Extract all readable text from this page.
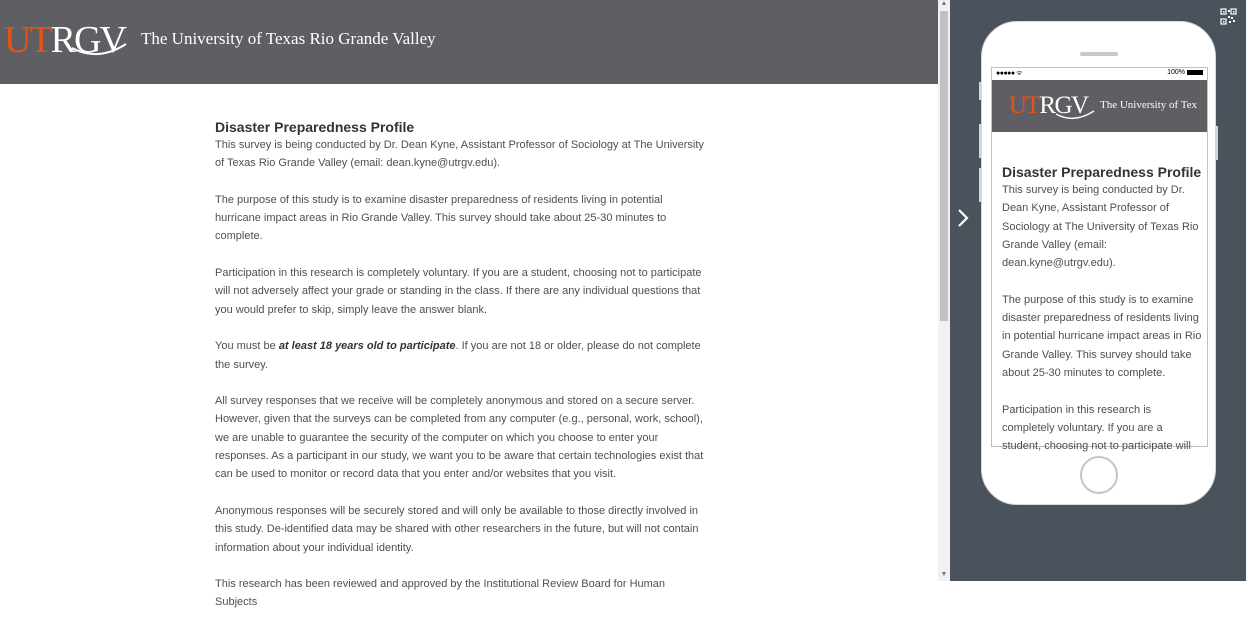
UTRGV The University of Texas Rio Grande Valley
Disaster Preparedness Profile

This survey is being conducted by Dr. Dean Kyne, Assistant Professor of Sociology at The University of Texas Rio Grande Valley (email: dean.kyne@utrgv.edu).

The purpose of this study is to examine disaster preparedness of residents living in potential hurricane impact areas in Rio Grande Valley. This survey should take about 25-30 minutes to complete.

Participation in this research is completely voluntary. If you are a student, choosing not to participate will not adversely affect your grade or standing in the class. If there are any individual questions that you would prefer to skip, simply leave the answer blank.

You must be at least 18 years old to participate. If you are not 18 or older, please do not complete the survey.

All survey responses that we receive will be completely anonymous and stored on a secure server. However, given that the surveys can be completed from any computer (e.g., personal, work, school), we are unable to guarantee the security of the computer on which you choose to enter your responses. As a participant in our study, we want you to be aware that certain technologies exist that can be used to monitor or record data that you enter and/or websites that you visit.

Anonymous responses will be securely stored and will only be available to those directly involved in this study. De-identified data may be shared with other researchers in the future, but will not contain information about your individual identity.

This research has been reviewed and approved by the Institutional Review Board for Human Subjects

▲
▼
●●●●● ᯤ	100%
UTRGV The University of Tex
Disaster Preparedness Profile

This survey is being conducted by Dr. Dean Kyne, Assistant Professor of Sociology at The University of Texas Rio Grande Valley (email: dean.kyne@utrgv.edu).

The purpose of this study is to examine disaster preparedness of residents living in potential hurricane impact areas in Rio Grande Valley. This survey should take about 25-30 minutes to complete.

Participation in this research is completely voluntary. If you are a student, choosing not to participate will
